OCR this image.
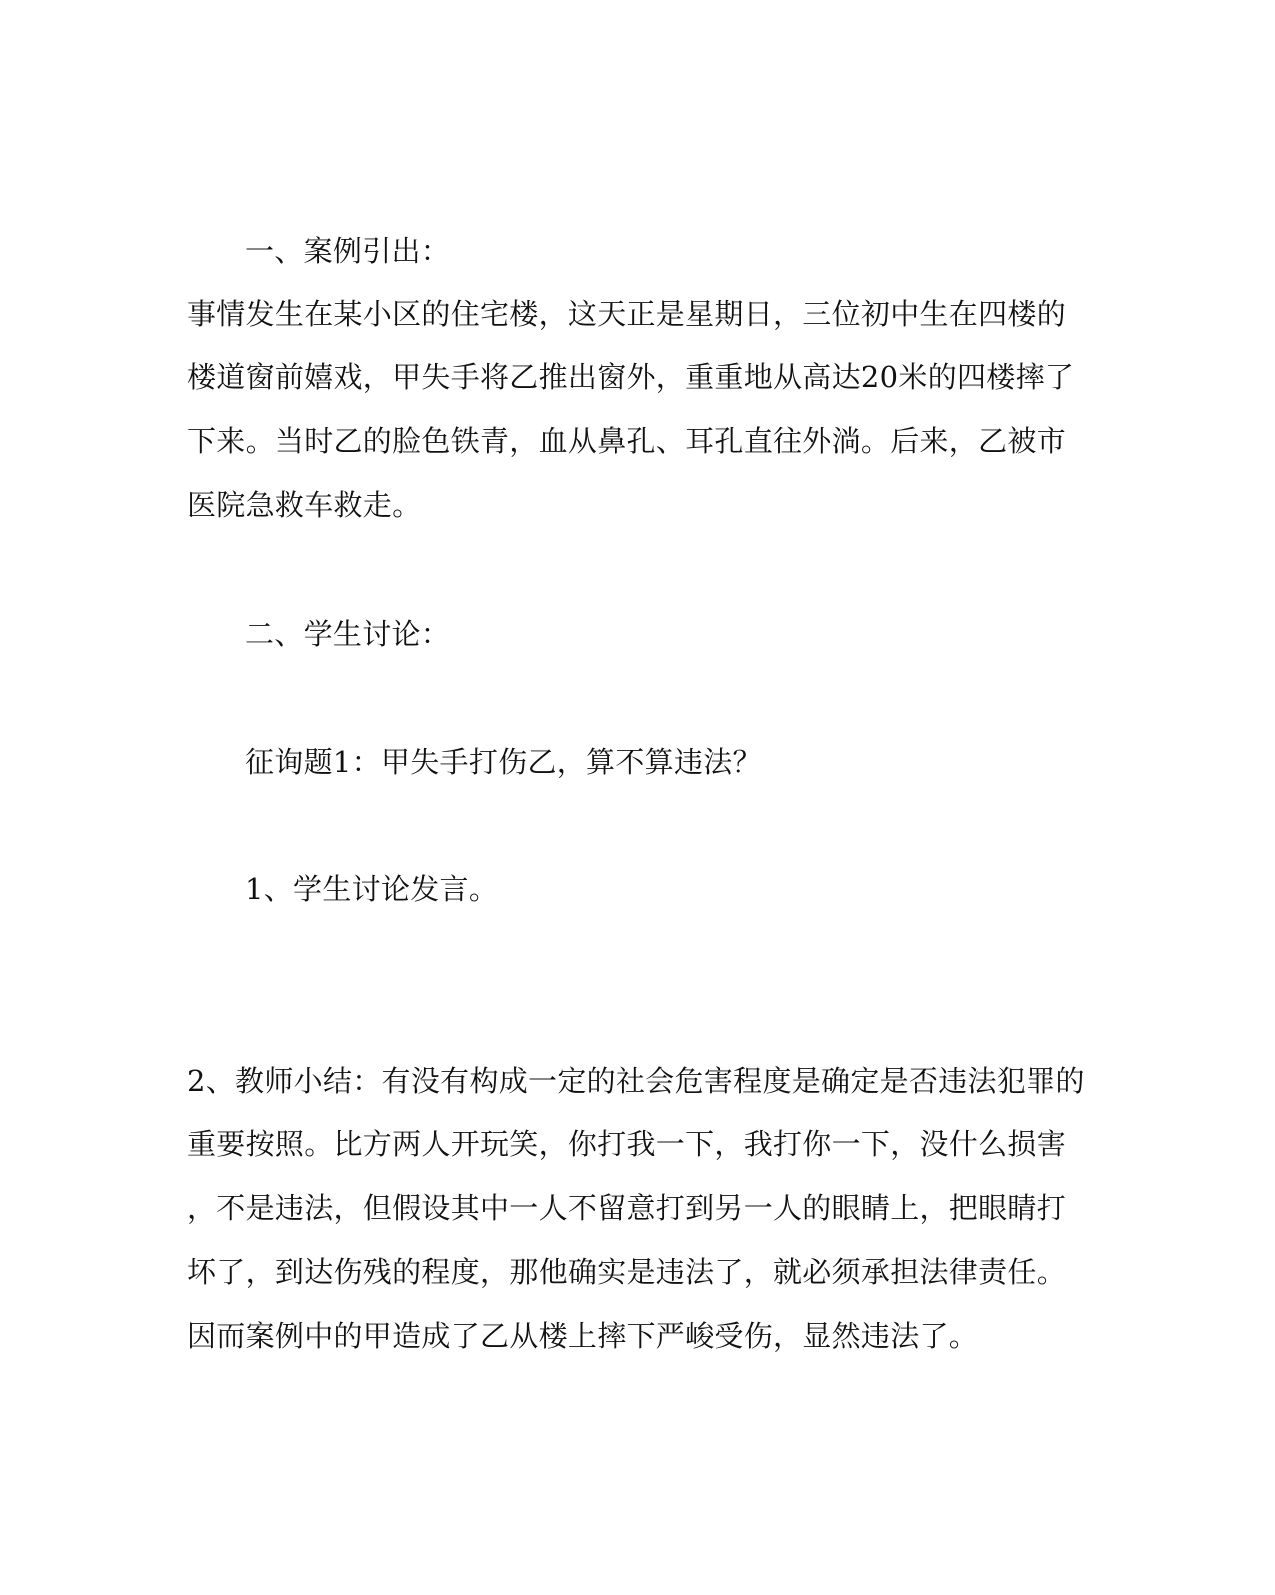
一、案例引出：
事情发生在某小区的住宅楼，这天正是星期日，三位初中生在四楼的
楼道窗前嬉戏，甲失手将乙推出窗外，重重地从高达20米的四楼摔了
下来。当时乙的脸色铁青，血从鼻孔、耳孔直往外淌。后来，乙被市
医院急救车救走。
二、学生讨论：
征询题1：甲失手打伤乙，算不算违法？
1、学生讨论发言。
2、教师小结：有没有构成一定的社会危害程度是确定是否违法犯罪的
重要按照。比方两人开玩笑，你打我一下，我打你一下，没什么损害
，不是违法，但假设其中一人不留意打到另一人的眼睛上，把眼睛打
坏了，到达伤残的程度，那他确实是违法了，就必须承担法律责任。
因而案例中的甲造成了乙从楼上摔下严峻受伤，显然违法了。
